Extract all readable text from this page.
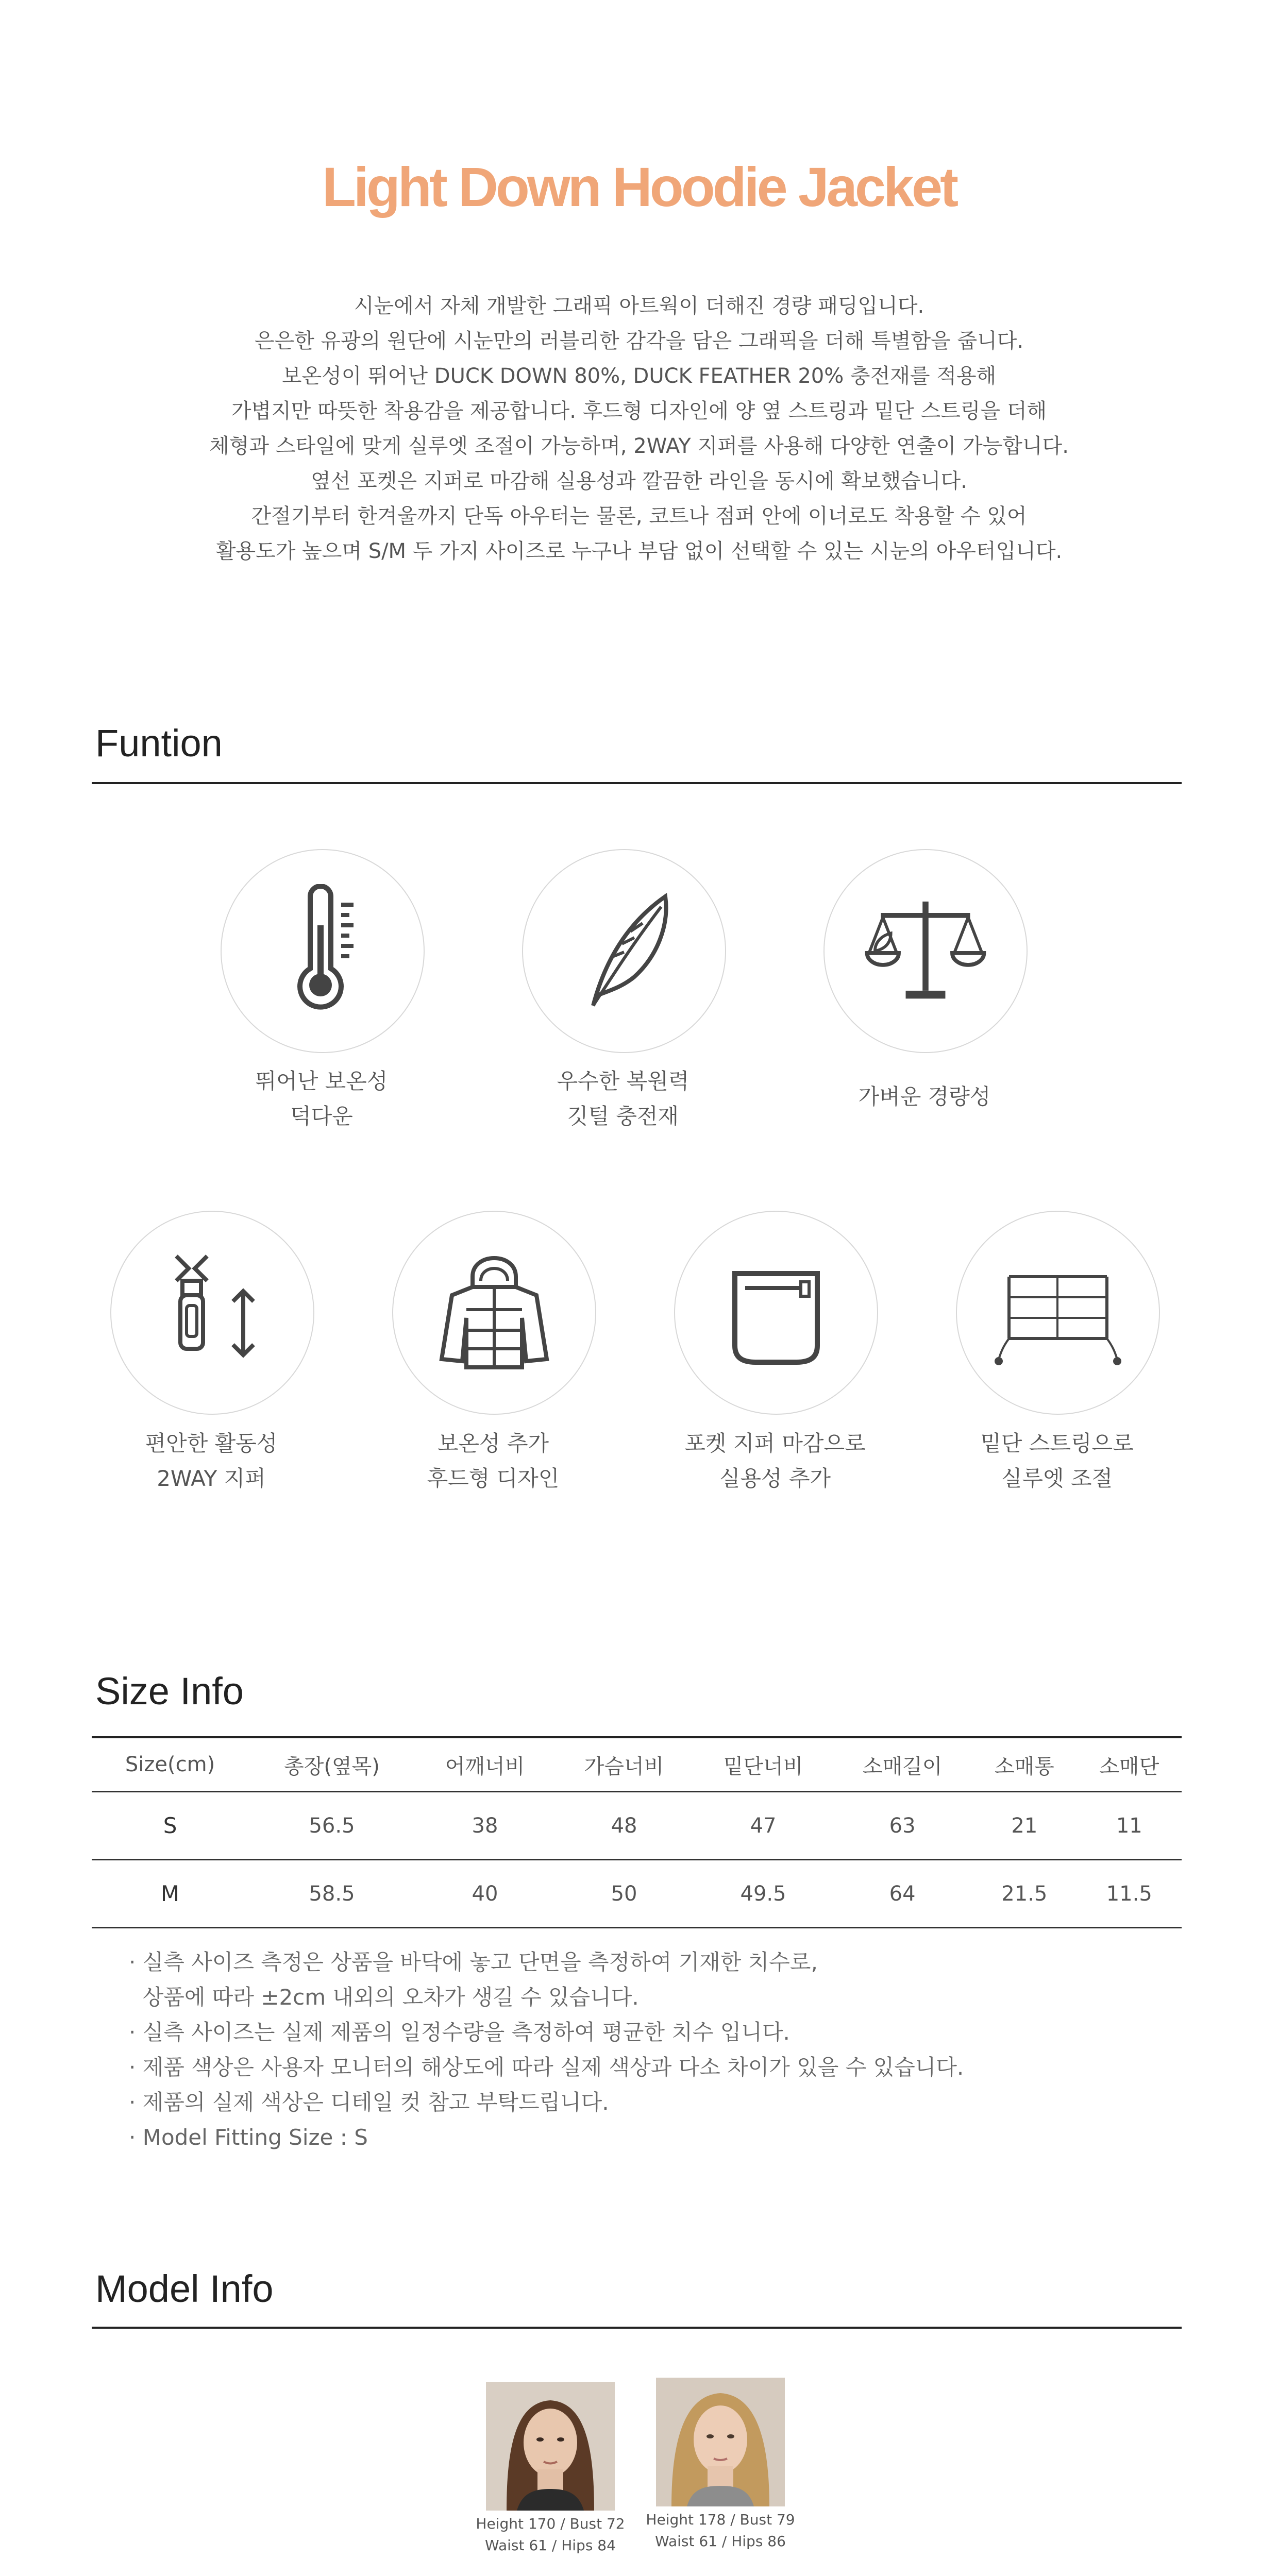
Light Down Hoodie Jacket
시눈에서 자체 개발한 그래픽 아트웍이 더해진 경량 패딩입니다.
은은한 유광의 원단에 시눈만의 러블리한 감각을 담은 그래픽을 더해 특별함을 줍니다.
보온성이 뛰어난 DUCK DOWN 80%, DUCK FEATHER 20% 충전재를 적용해
가볍지만 따뜻한 착용감을 제공합니다. 후드형 디자인에 양 옆 스트링과 밑단 스트링을 더해
체형과 스타일에 맞게 실루엣 조절이 가능하며, 2WAY 지퍼를 사용해 다양한 연출이 가능합니다.
옆선 포켓은 지퍼로 마감해 실용성과 깔끔한 라인을 동시에 확보했습니다.
간절기부터 한겨울까지 단독 아우터는 물론, 코트나 점퍼 안에 이너로도 착용할 수 있어
활용도가 높으며 S/M 두 가지 사이즈로 누구나 부담 없이 선택할 수 있는 시눈의 아우터입니다.
Funtion
뛰어난 보온성
덕다운
우수한 복원력
깃털 충전재
가벼운 경량성
편안한 활동성
2WAY 지퍼
보온성 추가
후드형 디자인
포켓 지퍼 마감으로
실용성 추가
밑단 스트링으로
실루엣 조절
Size Info
Size(cm)	총장(옆목)	어깨너비	가슴너비	밑단너비	소매길이	소매통	소매단
S	56.5	38	48	47	63	21	11
M	58.5	40	50	49.5	64	21.5	11.5
· 실측 사이즈 측정은 상품을 바닥에 놓고 단면을 측정하여 기재한 치수로,
상품에 따라 ±2cm 내외의 오차가 생길 수 있습니다.
· 실측 사이즈는 실제 제품의 일정수량을 측정하여 평균한 치수 입니다.
· 제품 색상은 사용자 모니터의 해상도에 따라 실제 색상과 다소 차이가 있을 수 있습니다.
· 제품의 실제 색상은 디테일 컷 참고 부탁드립니다.
· Model Fitting Size : S
Model Info
Height 170 / Bust 72
Waist 61 / Hips 84
Height 178 / Bust 79
Waist 61 / Hips 86
